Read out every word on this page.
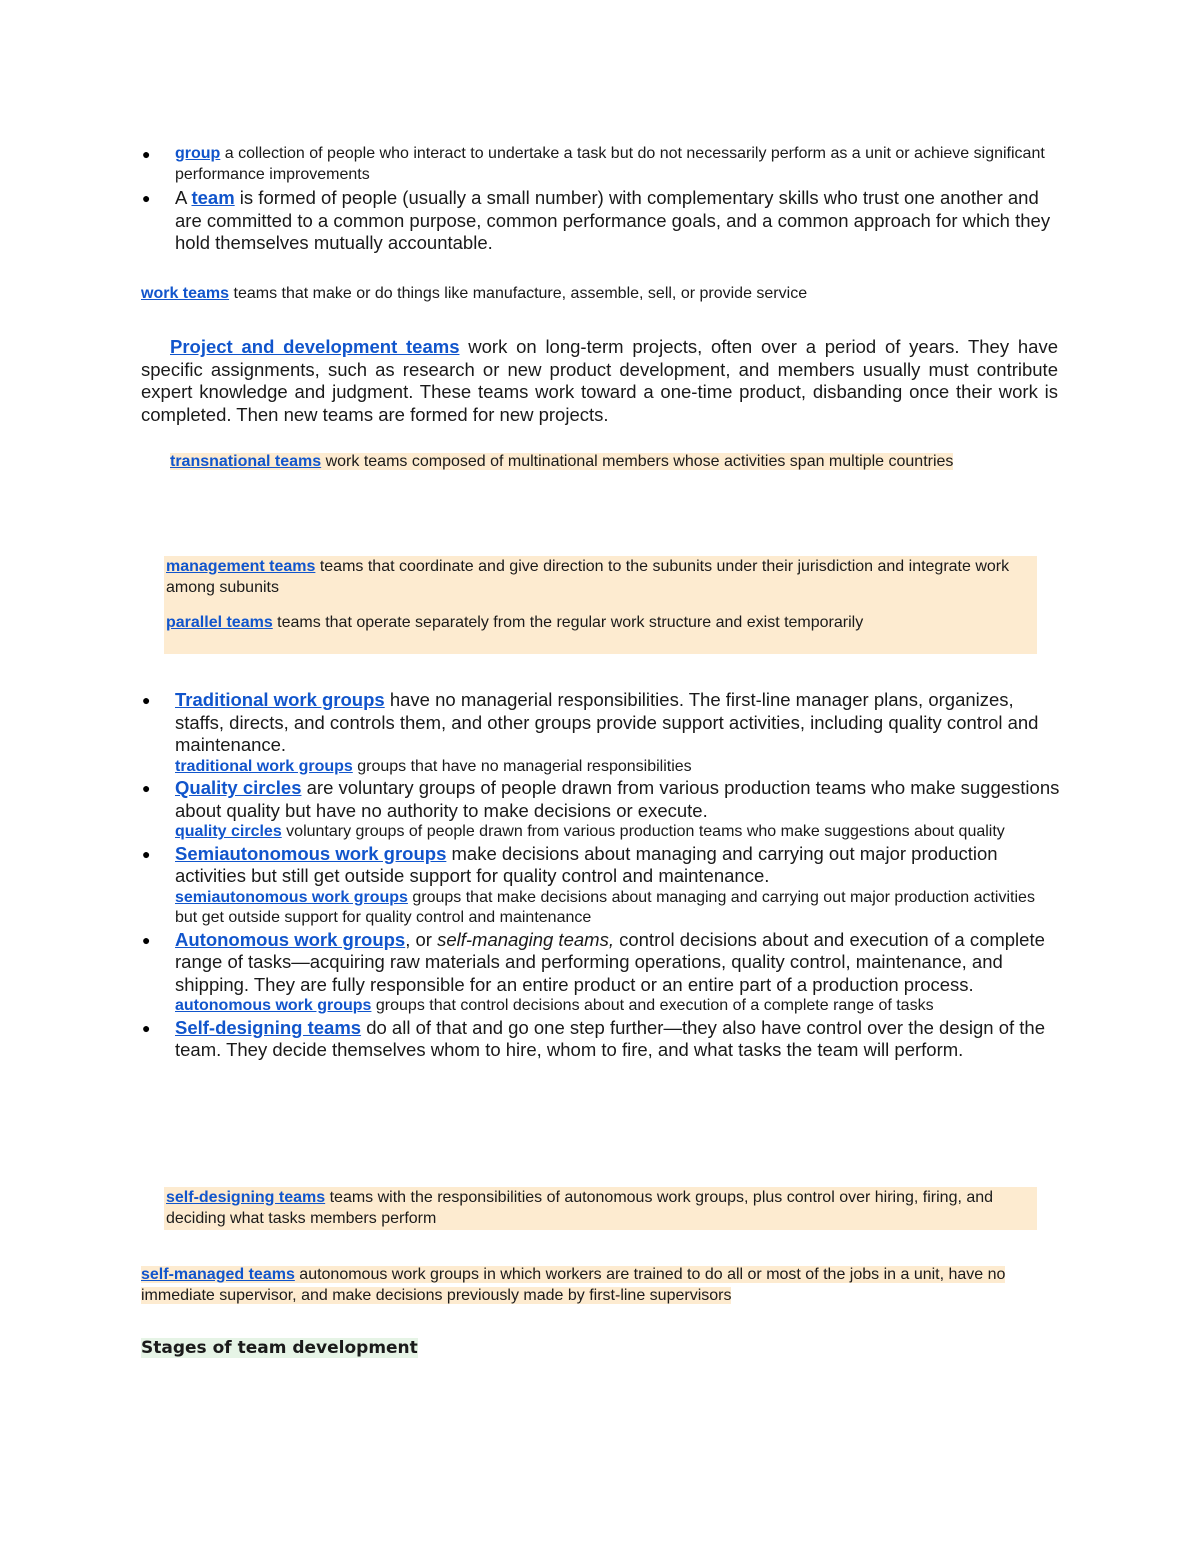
● group a collection of people who interact to undertake a task but do not necessarily perform as a unit or achieve significant performance improvements
● A team is formed of people (usually a small number) with complementary skills who trust one another and are committed to a common purpose, common performance goals, and a common approach for which they hold themselves mutually accountable.

work teams teams that make or do things like manufacture, assemble, sell, or provide service

Project and development teams work on long-term projects, often over a period of years. They have specific assignments, such as research or new product development, and members usually must contribute expert knowledge and judgment. These teams work toward a one-time product, disbanding once their work is completed. Then new teams are formed for new projects.

transnational teams work teams composed of multinational members whose activities span multiple countries

management teams teams that coordinate and give direction to the subunits under their jurisdiction and integrate work among subunits

parallel teams teams that operate separately from the regular work structure and exist temporarily

● Traditional work groups have no managerial responsibilities. The first-line manager plans, organizes, staffs, directs, and controls them, and other groups provide support activities, including quality control and maintenance.
traditional work groups groups that have no managerial responsibilities
● Quality circles are voluntary groups of people drawn from various production teams who make suggestions about quality but have no authority to make decisions or execute.
quality circles voluntary groups of people drawn from various production teams who make suggestions about quality
● Semiautonomous work groups make decisions about managing and carrying out major production activities but still get outside support for quality control and maintenance.
semiautonomous work groups groups that make decisions about managing and carrying out major production activities but get outside support for quality control and maintenance
● Autonomous work groups, or self-managing teams, control decisions about and execution of a complete range of tasks—acquiring raw materials and performing operations, quality control, maintenance, and shipping. They are fully responsible for an entire product or an entire part of a production process.
autonomous work groups groups that control decisions about and execution of a complete range of tasks
● Self-designing teams do all of that and go one step further—they also have control over the design of the team. They decide themselves whom to hire, whom to fire, and what tasks the team will perform.
self-designing teams teams with the responsibilities of autonomous work groups, plus control over hiring, firing, and deciding what tasks members perform

self-managed teams autonomous work groups in which workers are trained to do all or most of the jobs in a unit, have no immediate supervisor, and make decisions previously made by first-line supervisors

Stages of team development
